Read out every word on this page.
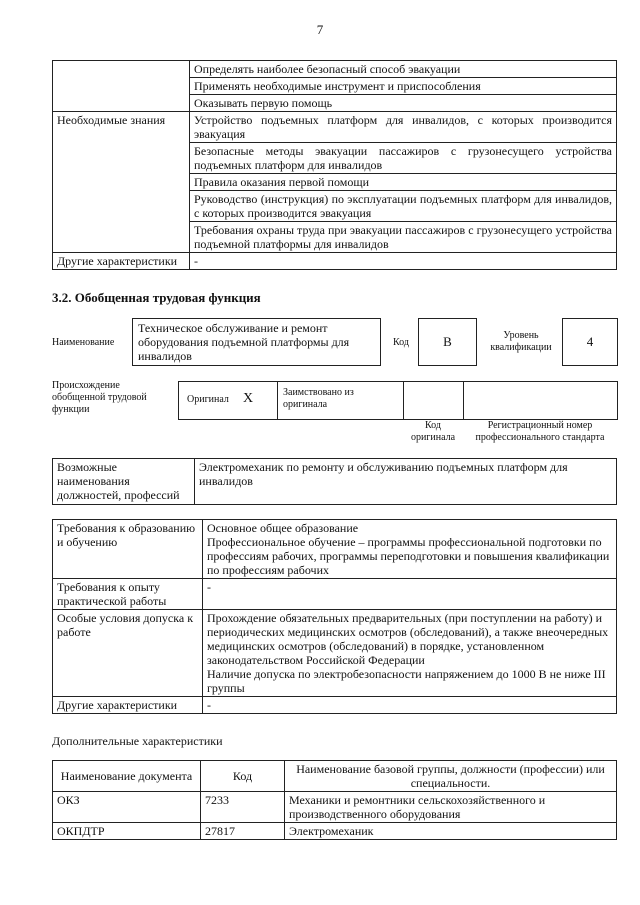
7
	Определять наиболее безопасный способ эвакуации
	Применять необходимые инструмент и приспособления
	Оказывать первую помощь
Необходимые знания	Устройство подъемных платформ для инвалидов, с которых производится эвакуация
	Безопасные методы эвакуации пассажиров с грузонесущего устройства подъемных платформ для инвалидов
	Правила оказания первой помощи
	Руководство (инструкция) по эксплуатации подъемных платформ для инвалидов, с которых производится эвакуация
	Требования охраны труда при эвакуации пассажиров с грузонесущего устройства подъемной платформы для инвалидов
Другие характеристики	-
3.2. Обобщенная трудовая функция
Наименование
Техническое обслуживание и ремонт оборудования подъемной платформы для инвалидов
Код	B	Уровень квалификации	4
Происхождение обобщенной трудовой функции
Оригинал X	Заимствовано из оригинала
Код оригинала
Регистрационный номер профессионального стандарта
Возможные наименования должностей, профессий	Электромеханик по ремонту и обслуживанию подъемных платформ для инвалидов
Требования к образованию и обучению	Основное общее образование
Профессиональное обучение – программы профессиональной подготовки по профессиям рабочих, программы переподготовки и повышения квалификации по профессиям рабочих

Требования к опыту практической работы	-
Особые условия допуска к работе	Прохождение обязательных предварительных (при поступлении на работу) и периодических медицинских осмотров (обследований), а также внеочередных медицинских осмотров (обследований) в порядке, установленном законодательством Российской Федерации
Наличие допуска по электробезопасности напряжением до 1000 В не ниже III группы

Другие характеристики	-
Дополнительные характеристики
Наименование документа	Код	Наименование базовой группы, должности (профессии) или специальности.
ОКЗ	7233	Механики и ремонтники сельскохозяйственного и производственного оборудования
ОКПДТР	27817	Электромеханик
